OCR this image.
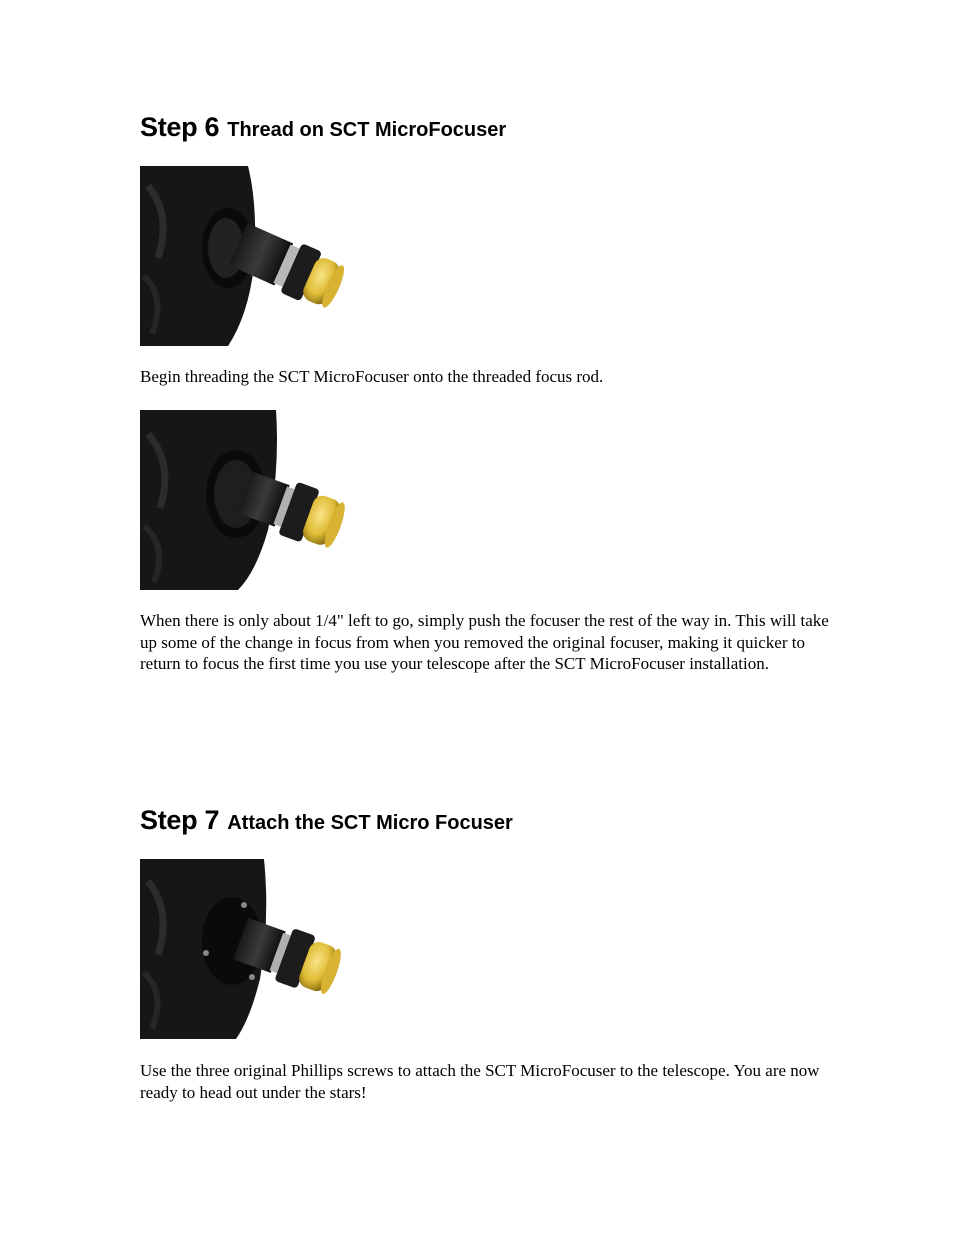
Step 6 Thread on SCT MicroFocuser

Begin threading the SCT MicroFocuser onto the threaded focus rod.

When there is only about 1/4" left to go, simply push the focuser the rest of the way in. This will take up some of the change in focus from when you removed the original focuser, making it quicker to return to focus the first time you use your telescope after the SCT MicroFocuser installation.

Step 7 Attach the SCT Micro Focuser

Use the three original Phillips screws to attach the SCT MicroFocuser to the telescope. You are now ready to head out under the stars!
